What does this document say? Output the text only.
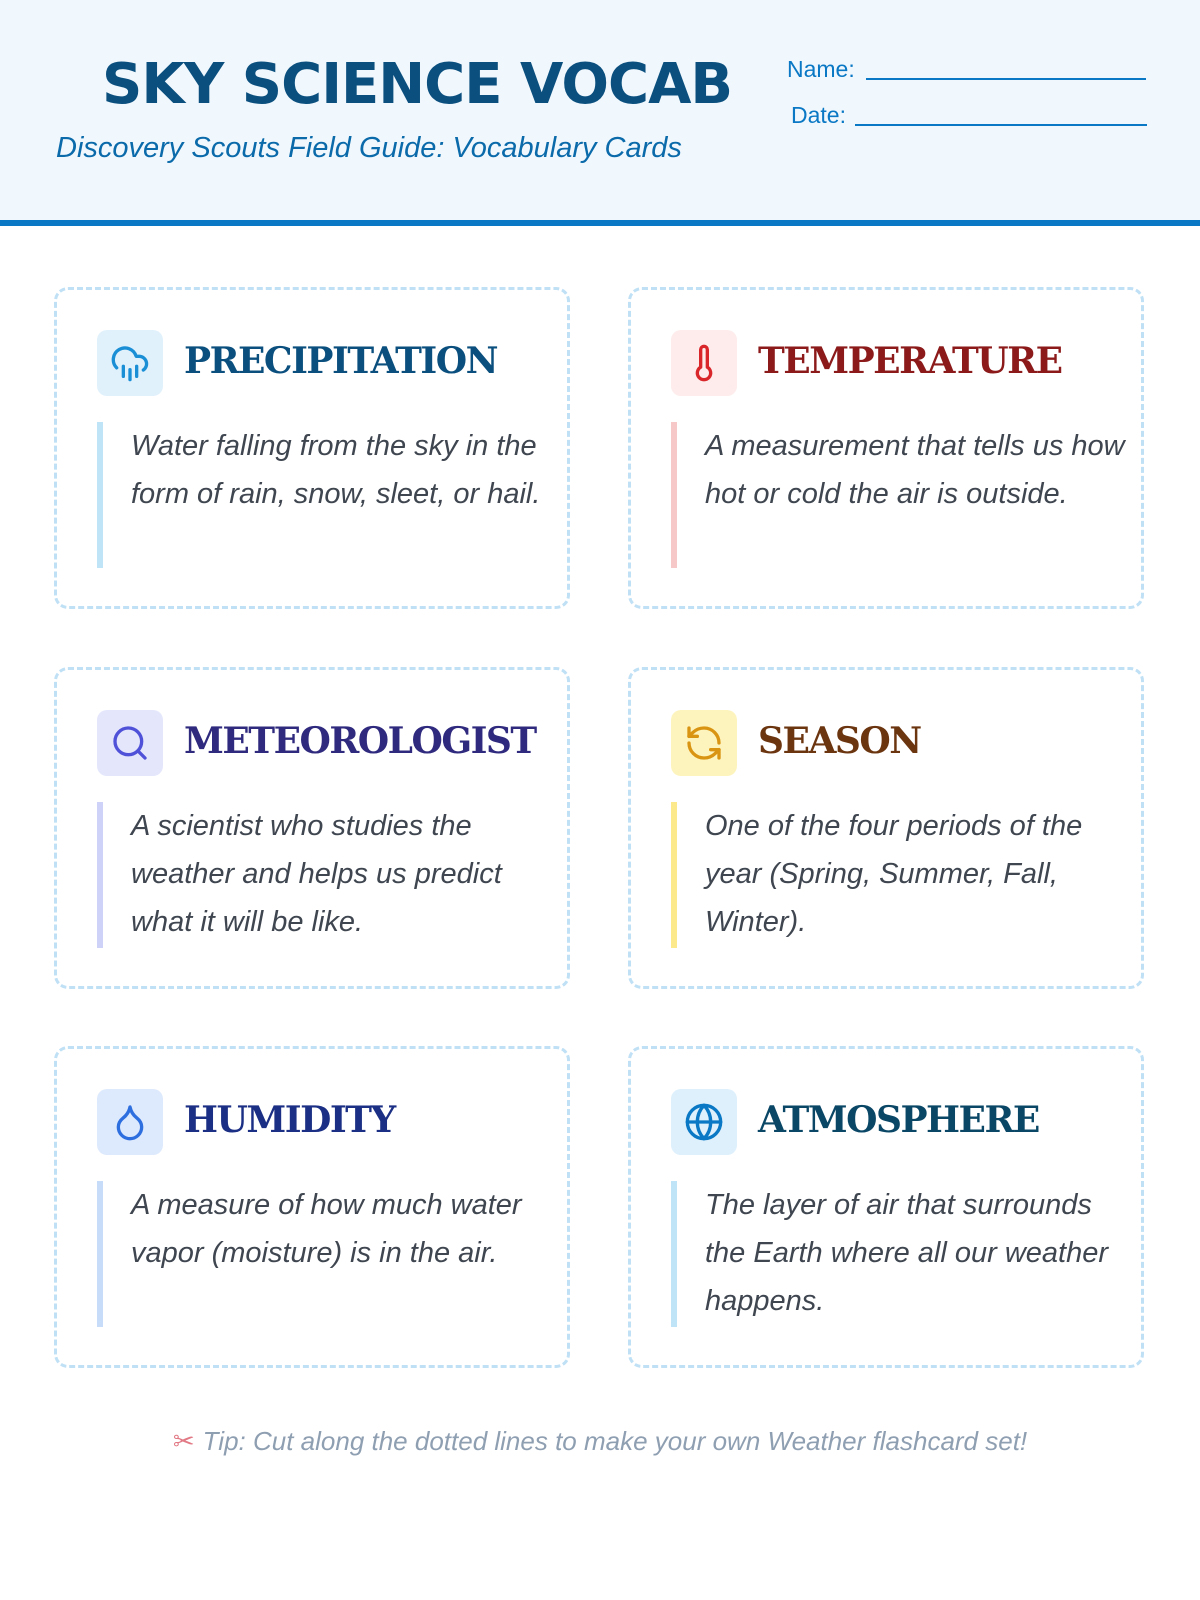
SKY SCIENCE VOCAB
Discovery Scouts Field Guide: Vocabulary Cards
Name:
Date:
PRECIPITATION
Water falling from the sky in the form of rain, snow, sleet, or hail.
TEMPERATURE
A measurement that tells us how hot or cold the air is outside.
METEOROLOGIST
A scientist who studies the weather and helps us predict what it will be like.
SEASON
One of the four periods of the year (Spring, Summer, Fall, Winter).
HUMIDITY
A measure of how much water vapor (moisture) is in the air.
ATMOSPHERE
The layer of air that surrounds the Earth where all our weather happens.
✂ Tip: Cut along the dotted lines to make your own Weather flashcard set!
